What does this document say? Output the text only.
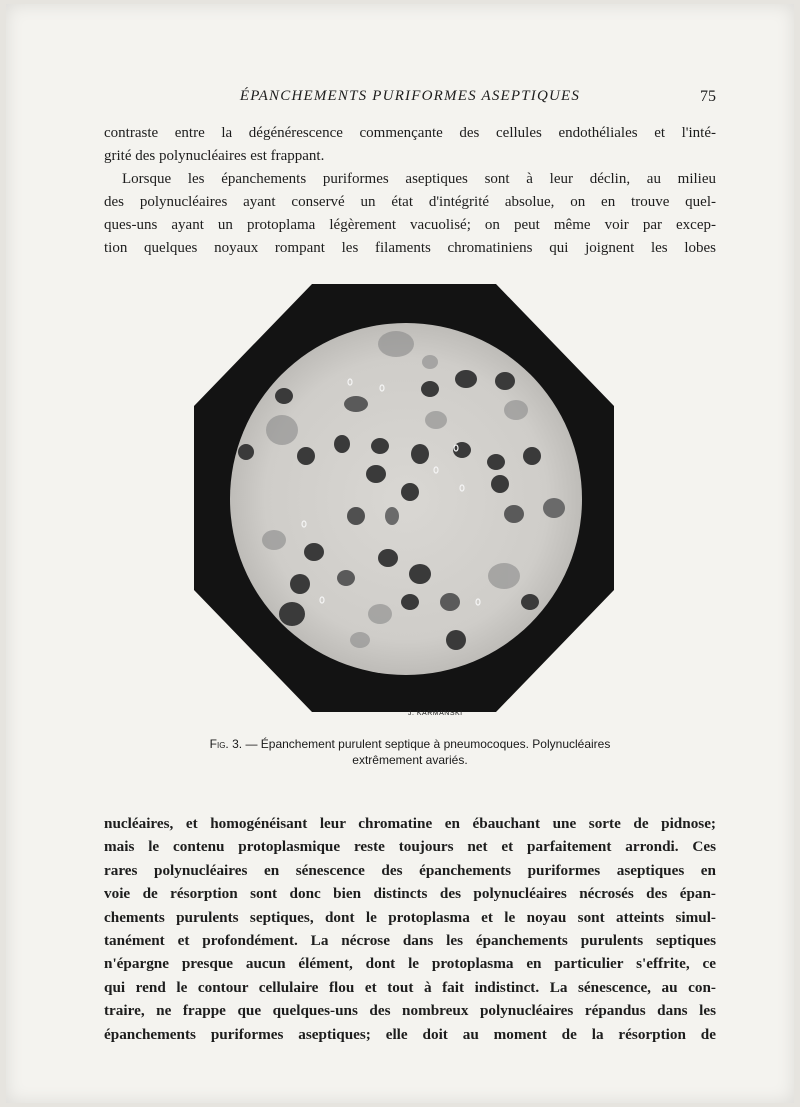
ÉPANCHEMENTS PURIFORMES ASEPTIQUES	75
contraste entre la dégénérescence commençante des cellules endothéliales et l'inté-
grité des polynucléaires est frappant.
Lorsque les épanchements puriformes aseptiques sont à leur déclin, au milieu
des polynucléaires ayant conservé un état d'intégrité absolue, on en trouve quel-
ques-uns ayant un protoplama légèrement vacuolisé; on peut même voir par excep-
tion quelques noyaux rompant les filaments chromatiniens qui joignent les lobes
J. KARMANSKI
Fig. 3. — Épanchement purulent septique à pneumocoques. Polynucléaires
extrêmement avariés.
nucléaires, et homogénéisant leur chromatine en ébauchant une sorte de pidnose;
mais le contenu protoplasmique reste toujours net et parfaitement arrondi. Ces
rares polynucléaires en sénescence des épanchements puriformes aseptiques en
voie de résorption sont donc bien distincts des polynucléaires nécrosés des épan-
chements purulents septiques, dont le protoplasma et le noyau sont atteints simul-
tanément et profondément. La nécrose dans les épanchements purulents septiques
n'épargne presque aucun élément, dont le protoplasma en particulier s'effrite, ce
qui rend le contour cellulaire flou et tout à fait indistinct. La sénescence, au con-
traire, ne frappe que quelques-uns des nombreux polynucléaires répandus dans les
épanchements puriformes aseptiques; elle doit au moment de la résorption de
